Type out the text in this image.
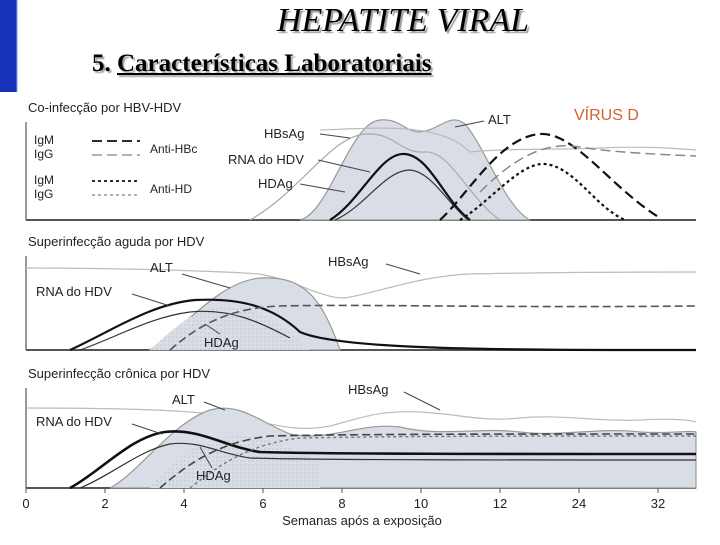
HEPATITE VIRAL
5. Características Laboratoriais
Co-infecção por HBV-HDV	VÍRUS D
IgM
IgG	Anti-HBc
IgM
IgG	Anti-HD
HBsAg
ALT
RNA do HDV
HDAg
Superinfecção aguda por HDV
ALT	HBsAg
RNA do HDV
HDAg
Superinfecção crônica por HDV
HBsAg
ALT
RNA do HDV
HDAg
0	2	4	6	8	10	12	24	32
Semanas após a exposição
